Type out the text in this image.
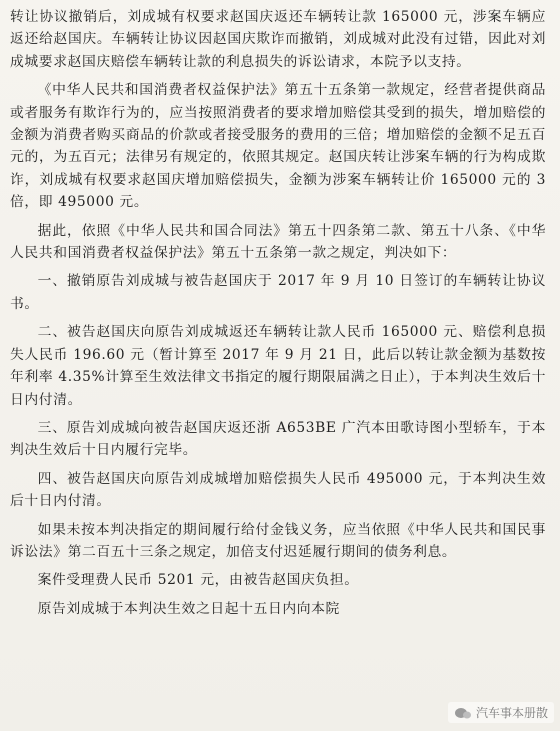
转让协议撤销后，刘成城有权要求赵国庆返还车辆转让款 165000 元，涉案车辆应返还给赵国庆。车辆转让协议因赵国庆欺诈而撤销，刘成城对此没有过错，因此对刘成城要求赵国庆赔偿车辆转让款的利息损失的诉讼请求，本院予以支持。

《中华人民共和国消费者权益保护法》第五十五条第一款规定，经营者提供商品或者服务有欺诈行为的，应当按照消费者的要求增加赔偿其受到的损失，增加赔偿的金额为消费者购买商品的价款或者接受服务的费用的三倍；增加赔偿的金额不足五百元的，为五百元；法律另有规定的，依照其规定。赵国庆转让涉案车辆的行为构成欺诈，刘成城有权要求赵国庆增加赔偿损失，金额为涉案车辆转让价 165000 元的 3 倍，即 495000 元。

据此，依照《中华人民共和国合同法》第五十四条第二款、第五十八条、《中华人民共和国消费者权益保护法》第五十五条第一款之规定，判决如下：

一、撤销原告刘成城与被告赵国庆于 2017 年 9 月 10 日签订的车辆转让协议书。

二、被告赵国庆向原告刘成城返还车辆转让款人民币 165000 元、赔偿利息损失人民币 196.60 元（暂计算至 2017 年 9 月 21 日，此后以转让款金额为基数按年利率 4.35%计算至生效法律文书指定的履行期限届满之日止），于本判决生效后十日内付清。

三、原告刘成城向被告赵国庆返还浙 A653BE 广汽本田歌诗图小型轿车，于本判决生效后十日内履行完毕。

四、被告赵国庆向原告刘成城增加赔偿损失人民币 495000 元，于本判决生效后十日内付清。

如果未按本判决指定的期间履行给付金钱义务，应当依照《中华人民共和国民事诉讼法》第二百五十三条之规定，加倍支付迟延履行期间的债务利息。

案件受理费人民币 5201 元，由被告赵国庆负担。

原告刘成城于本判决生效之日起十五日内向本院

汽车事本册散
